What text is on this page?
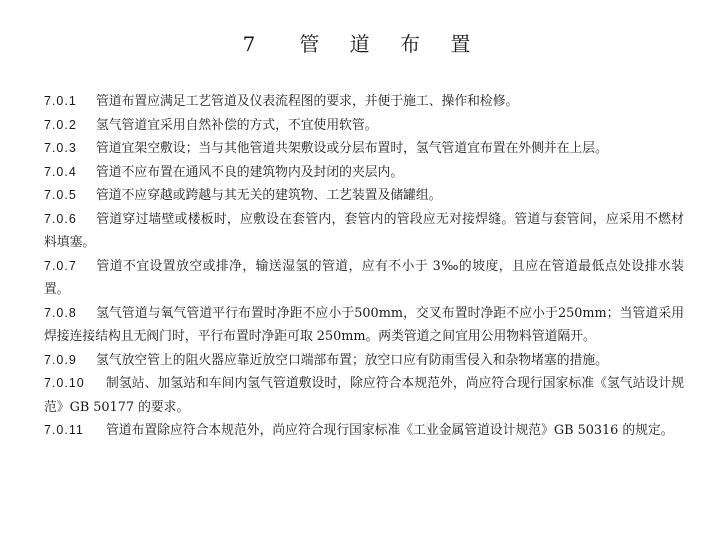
7　管 道 布 置

7.0.1 管道布置应满足工艺管道及仪表流程图的要求，并便于施工、操作和检修。

7.0.2 氢气管道宜采用自然补偿的方式，不宜使用软管。

7.0.3 管道宜架空敷设；当与其他管道共架敷设或分层布置时，氢气管道宜布置在外侧并在上层。

7.0.4 管道不应布置在通风不良的建筑物内及封闭的夹层内。

7.0.5 管道不应穿越或跨越与其无关的建筑物、工艺装置及储罐组。

7.0.6 管道穿过墙壁或楼板时，应敷设在套管内，套管内的管段应无对接焊缝。管道与套管间，应采用不燃材料填塞。

7.0.7 管道不宜设置放空或排净，输送湿氢的管道，应有不小于 3‰的坡度，且应在管道最低点处设排水装置。

7.0.8 氢气管道与氧气管道平行布置时净距不应小于500mm，交叉布置时净距不应小于250mm；当管道采用焊接连接结构且无阀门时，平行布置时净距可取 250mm。两类管道之间宜用公用物料管道隔开。

7.0.9 氢气放空管上的阻火器应靠近放空口端部布置；放空口应有防雨雪侵入和杂物堵塞的措施。

7.0.10 制氢站、加氢站和车间内氢气管道敷设时，除应符合本规范外，尚应符合现行国家标准《氢气站设计规范》GB 50177 的要求。

7.0.11 管道布置除应符合本规范外，尚应符合现行国家标准《工业金属管道设计规范》GB 50316 的规定。
